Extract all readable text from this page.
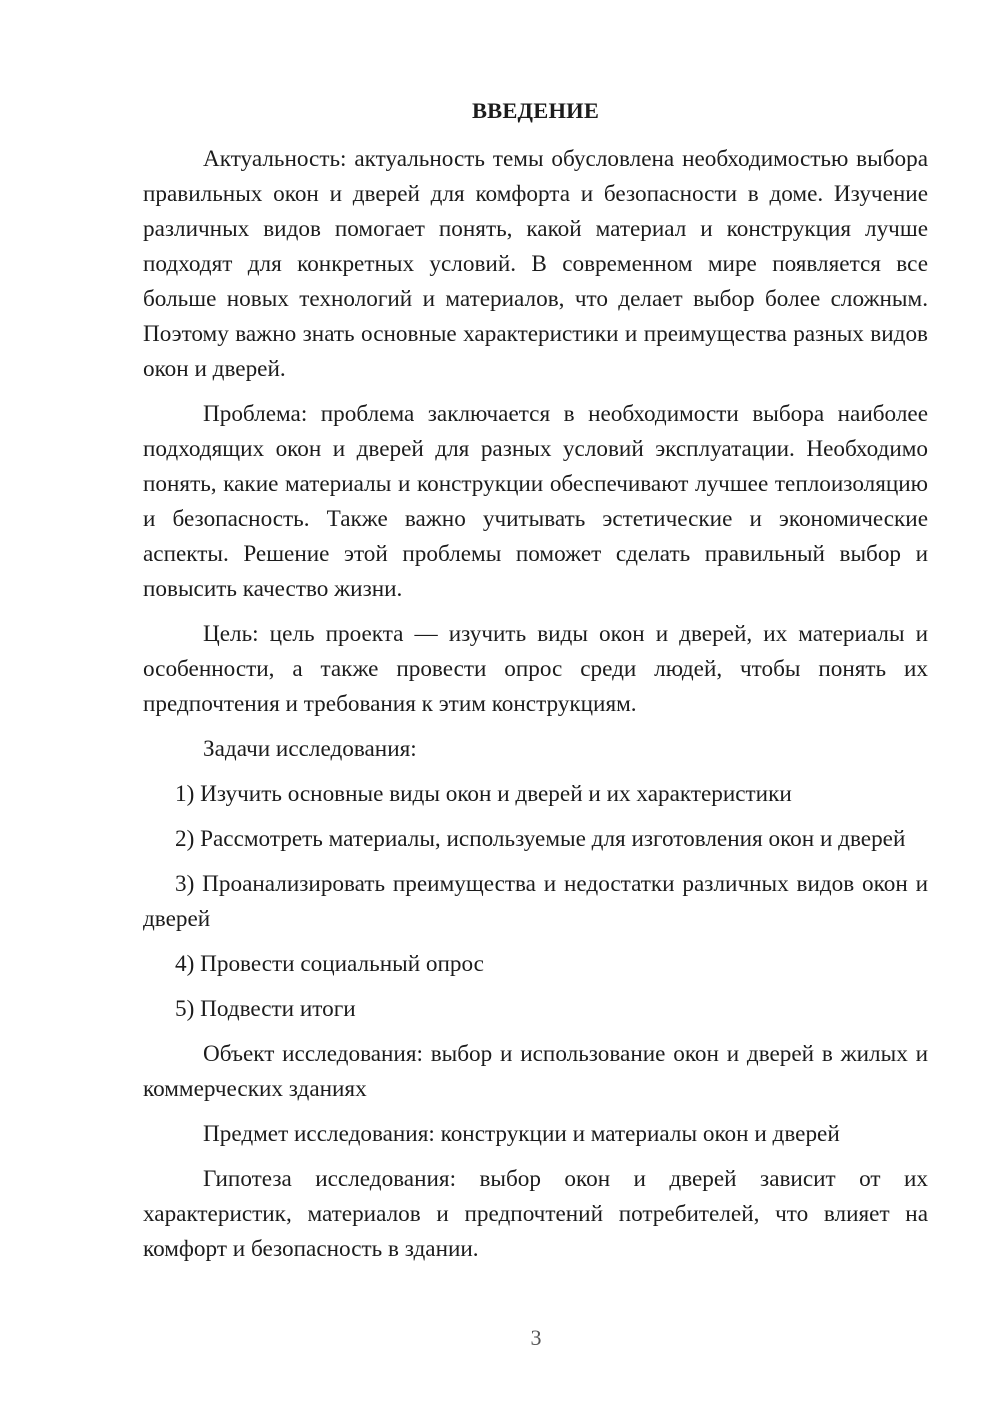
ВВЕДЕНИЕ

Актуальность: актуальность темы обусловлена необходимостью выбора правильных окон и дверей для комфорта и безопасности в доме. Изучение различных видов помогает понять, какой материал и конструкция лучше подходят для конкретных условий. В современном мире появляется все больше новых технологий и материалов, что делает выбор более сложным. Поэтому важно знать основные характеристики и преимущества разных видов окон и дверей.

Проблема: проблема заключается в необходимости выбора наиболее подходящих окон и дверей для разных условий эксплуатации. Необходимо понять, какие материалы и конструкции обеспечивают лучшее теплоизоляцию и безопасность. Также важно учитывать эстетические и экономические аспекты. Решение этой проблемы поможет сделать правильный выбор и повысить качество жизни.

Цель: цель проекта — изучить виды окон и дверей, их материалы и особенности, а также провести опрос среди людей, чтобы понять их предпочтения и требования к этим конструкциям.

Задачи исследования:

1) Изучить основные виды окон и дверей и их характеристики

2) Рассмотреть материалы, используемые для изготовления окон и дверей

3) Проанализировать преимущества и недостатки различных видов окон и дверей

4) Провести социальный опрос

5) Подвести итоги

Объект исследования: выбор и использование окон и дверей в жилых и коммерческих зданиях

Предмет исследования: конструкции и материалы окон и дверей

Гипотеза исследования: выбор окон и дверей зависит от их характеристик, материалов и предпочтений потребителей, что влияет на комфорт и безопасность в здании.

3
